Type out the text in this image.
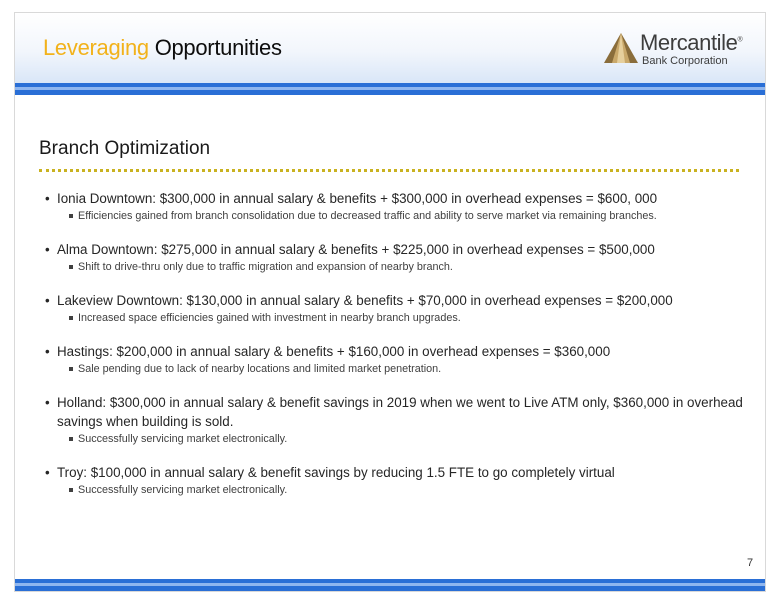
Leveraging Opportunities	Mercantile®
Bank Corporation
Branch Optimization
• Ionia Downtown: $300,000 in annual salary & benefits + $300,000 in overhead expenses = $600, 000
Efficiencies gained from branch consolidation due to decreased traffic and ability to serve market via remaining branches.
• Alma Downtown: $275,000 in annual salary & benefits + $225,000 in overhead expenses = $500,000
Shift to drive-thru only due to traffic migration and expansion of nearby branch.
• Lakeview Downtown: $130,000 in annual salary & benefits + $70,000 in overhead expenses = $200,000
Increased space efficiencies gained with investment in nearby branch upgrades.
• Hastings: $200,000 in annual salary & benefits + $160,000 in overhead expenses = $360,000
Sale pending due to lack of nearby locations and limited market penetration.
• Holland: $300,000 in annual salary & benefit savings in 2019 when we went to Live ATM only, $360,000 in overhead savings when building is sold.
Successfully servicing market electronically.
• Troy: $100,000 in annual salary & benefit savings by reducing 1.5 FTE to go completely virtual
Successfully servicing market electronically.
7
